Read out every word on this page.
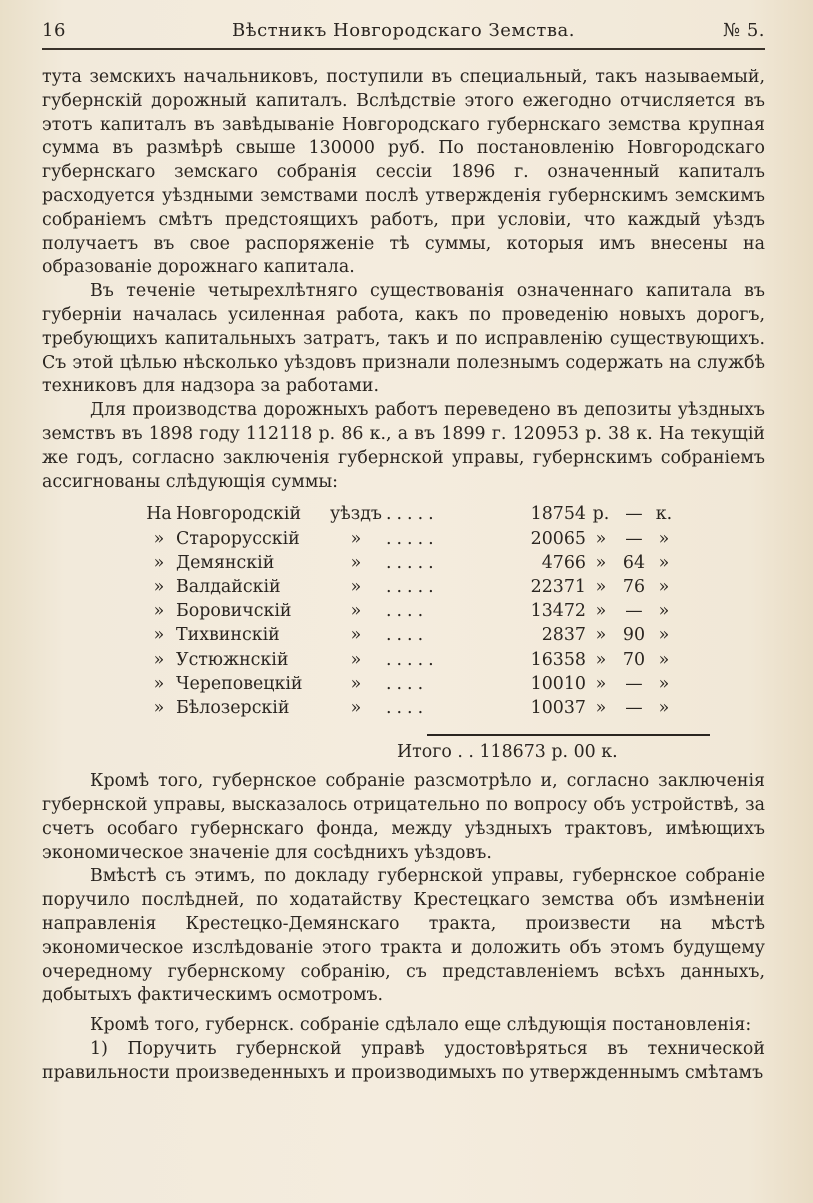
16	Вѣстникъ Новгородскаго Земства.	№ 5.

тута земскихъ начальниковъ, поступили въ специальный, такъ называемый, губернскій дорожный капиталъ. Вслѣдствіе этого ежегодно отчисляется въ этотъ капиталъ въ завѣдываніе Новгородскаго губернскаго земства крупная сумма въ размѣрѣ свыше 130000 руб. По постановленію Новгородскаго губернскаго земскаго собранія сессіи 1896 г. означенный капиталъ расходуется уѣздными земствами послѣ утвержденія губернскимъ земскимъ собраніемъ смѣтъ предстоящихъ работъ, при условіи, что каждый уѣздъ получаетъ въ свое распоряженіе тѣ суммы, которыя имъ внесены на образованіе дорожнаго капитала.

Въ теченіе четырехлѣтняго существованія означеннаго капитала въ губерніи началась усиленная работа, какъ по проведенію новыхъ дорогъ, требующихъ капитальныхъ затратъ, такъ и по исправленію существующихъ. Съ этой цѣлью нѣсколько уѣздовъ признали полезнымъ содержать на службѣ техниковъ для надзора за работами.

Для производства дорожныхъ работъ переведено въ депозиты уѣздныхъ земствъ въ 1898 году 112118 р. 86 к., а въ 1899 г. 120953 р. 38 к. На текущій же годъ, согласно заключенія губернской управы, губернскимъ собраніемъ ассигнованы слѣдующія суммы:

На	Новгородскій	уѣздъ	.....	18754	р.	—	к.
»	Старорусскій	»	.....	20065	»	—	»
»	Демянскій	»	.....	4766	»	64	»
»	Валдайскій	»	.....	22371	»	76	»
»	Боровичскій	»	....	13472	»	—	»
»	Тихвинскій	»	....	2837	»	90	»
»	Устюжнскій	»	.....	16358	»	70	»
»	Череповецкій	»	....	10010	»	—	»
»	Бѣлозерскій	»	....	10037	»	—	»
Итого . . 118673 р. 00 к.

Кромѣ того, губернское собраніе разсмотрѣло и, согласно заключенія губернской управы, высказалось отрицательно по вопросу объ устройствѣ, за счетъ особаго губернскаго фонда, между уѣздныхъ трактовъ, имѣющихъ экономическое значеніе для сосѣднихъ уѣздовъ.

Вмѣстѣ съ этимъ, по докладу губернской управы, губернское собраніе поручило послѣдней, по ходатайству Крестецкаго земства объ измѣненіи направленія Крестецко-Демянскаго тракта, произвести на мѣстѣ экономическое изслѣдованіе этого тракта и доложить объ этомъ будущему очередному губернскому собранію, съ представленіемъ всѣхъ данныхъ, добытыхъ фактическимъ осмотромъ.

Кромѣ того, губернск. собраніе сдѣлало еще слѣдующія постановленія:

1) Поручить губернской управѣ удостовѣряться въ технической правильности произведенныхъ и производимыхъ по утвержденнымъ смѣтамъ
